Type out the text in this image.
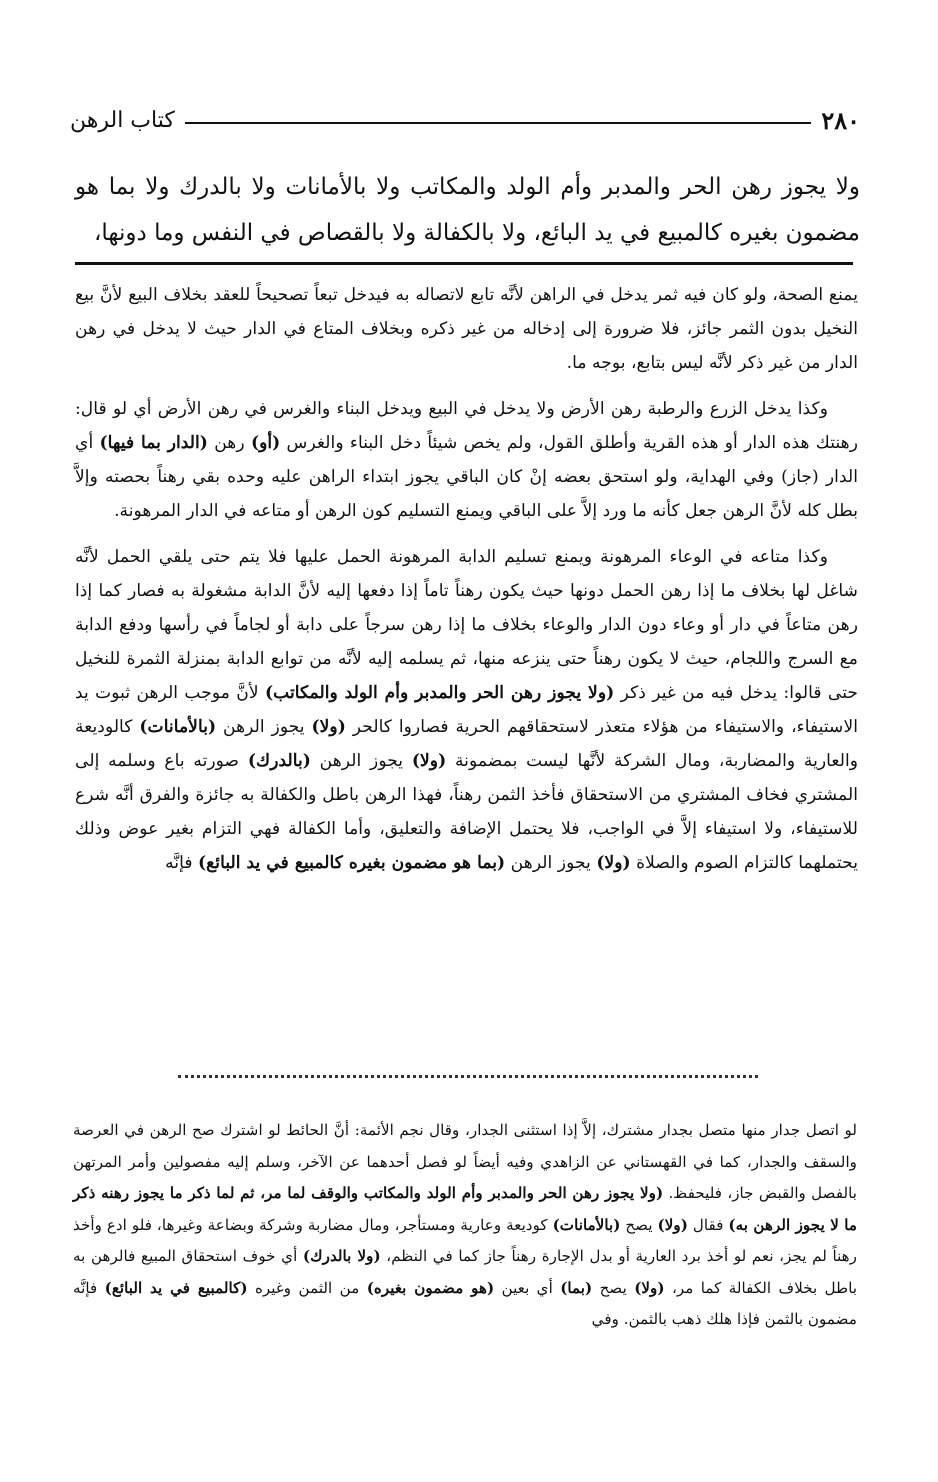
٢٨٠
كتاب الرهن

ولا يجوز رهن الحر والمدبر وأم الولد والمكاتب ولا بالأمانات ولا بالدرك ولا بما هو مضمون بغيره كالمبيع في يد البائع، ولا بالكفالة ولا بالقصاص في النفس وما دونها،

يمنع الصحة، ولو كان فيه ثمر يدخل في الراهن لأنَّه تابع لاتصاله به فيدخل تبعاً تصحيحاً للعقد بخلاف البيع لأنَّ بيع النخيل بدون الثمر جائز، فلا ضرورة إلى إدخاله من غير ذكره وبخلاف المتاع في الدار حيث لا يدخل في رهن الدار من غير ذكر لأنَّه ليس بتابع، بوجه ما.

وكذا يدخل الزرع والرطبة رهن الأرض ولا يدخل في البيع ويدخل البناء والغرس في رهن الأرض أي لو قال: رهنتك هذه الدار أو هذه القرية وأطلق القول، ولم يخص شيئاً دخل البناء والغرس (أو) رهن (الدار بما فيها) أي الدار (جاز) وفي الهداية، ولو استحق بعضه إنْ كان الباقي يجوز ابتداء الراهن عليه وحده بقي رهناً بحصته وإلاَّ بطل كله لأنَّ الرهن جعل كأنه ما ورد إلاَّ على الباقي ويمنع التسليم كون الرهن أو متاعه في الدار المرهونة.

وكذا متاعه في الوعاء المرهونة ويمنع تسليم الدابة المرهونة الحمل عليها فلا يتم حتى يلقي الحمل لأنَّه شاغل لها بخلاف ما إذا رهن الحمل دونها حيث يكون رهناً تاماً إذا دفعها إليه لأنَّ الدابة مشغولة به فصار كما إذا رهن متاعاً في دار أو وعاء دون الدار والوعاء بخلاف ما إذا رهن سرجاً على دابة أو لجاماً في رأسها ودفع الدابة مع السرج واللجام، حيث لا يكون رهناً حتى ينزعه منها، ثم يسلمه إليه لأنَّه من توابع الدابة بمنزلة الثمرة للنخيل حتى قالوا: يدخل فيه من غير ذكر (ولا يجوز رهن الحر والمدبر وأم الولد والمكاتب) لأنَّ موجب الرهن ثبوت يد الاستيفاء، والاستيفاء من هؤلاء متعذر لاستحقاقهم الحرية فصاروا كالحر (ولا) يجوز الرهن (بالأمانات) كالوديعة والعارية والمضاربة، ومال الشركة لأنَّها ليست بمضمونة (ولا) يجوز الرهن (بالدرك) صورته باع وسلمه إلى المشتري فخاف المشتري من الاستحقاق فأخذ الثمن رهناً، فهذا الرهن باطل والكفالة به جائزة والفرق أنَّه شرع للاستيفاء، ولا استيفاء إلاَّ في الواجب، فلا يحتمل الإضافة والتعليق، وأما الكفالة فهي التزام بغير عوض وذلك يحتملهما كالتزام الصوم والصلاة (ولا) يجوز الرهن (بما هو مضمون بغيره كالمبيع في يد البائع) فإنَّه

لو اتصل جدار منها متصل بجدار مشترك، إلاَّ إذا استثنى الجدار، وقال نجم الأئمة: أنَّ الحائط لو اشترك صح الرهن في العرصة والسقف والجدار، كما في القهستاني عن الزاهدي وفيه أيضاً لو فصل أحدهما عن الآخر، وسلم إليه مفصولين وأمر المرتهن بالفصل والقبض جاز، فليحفظ. (ولا يجوز رهن الحر والمدبر وأم الولد والمكاتب والوقف لما مر، ثم لما ذكر ما يجوز رهنه ذكر ما لا يجوز الرهن به) فقال (ولا) يصح (بالأمانات) كوديعة وعارية ومستأجر، ومال مضاربة وشركة وبضاعة وغيرها، فلو ادع وأخذ رهناً لم يجز، نعم لو أخذ برد العارية أو بدل الإجارة رهناً جاز كما في النظم، (ولا بالدرك) أي خوف استحقاق المبيع فالرهن به باطل بخلاف الكفالة كما مر، (ولا) يصح (بما) أي بعين (هو مضمون بغيره) من الثمن وغيره (كالمبيع في يد البائع) فإنَّه مضمون بالثمن فإذا هلك ذهب بالثمن. وفي
